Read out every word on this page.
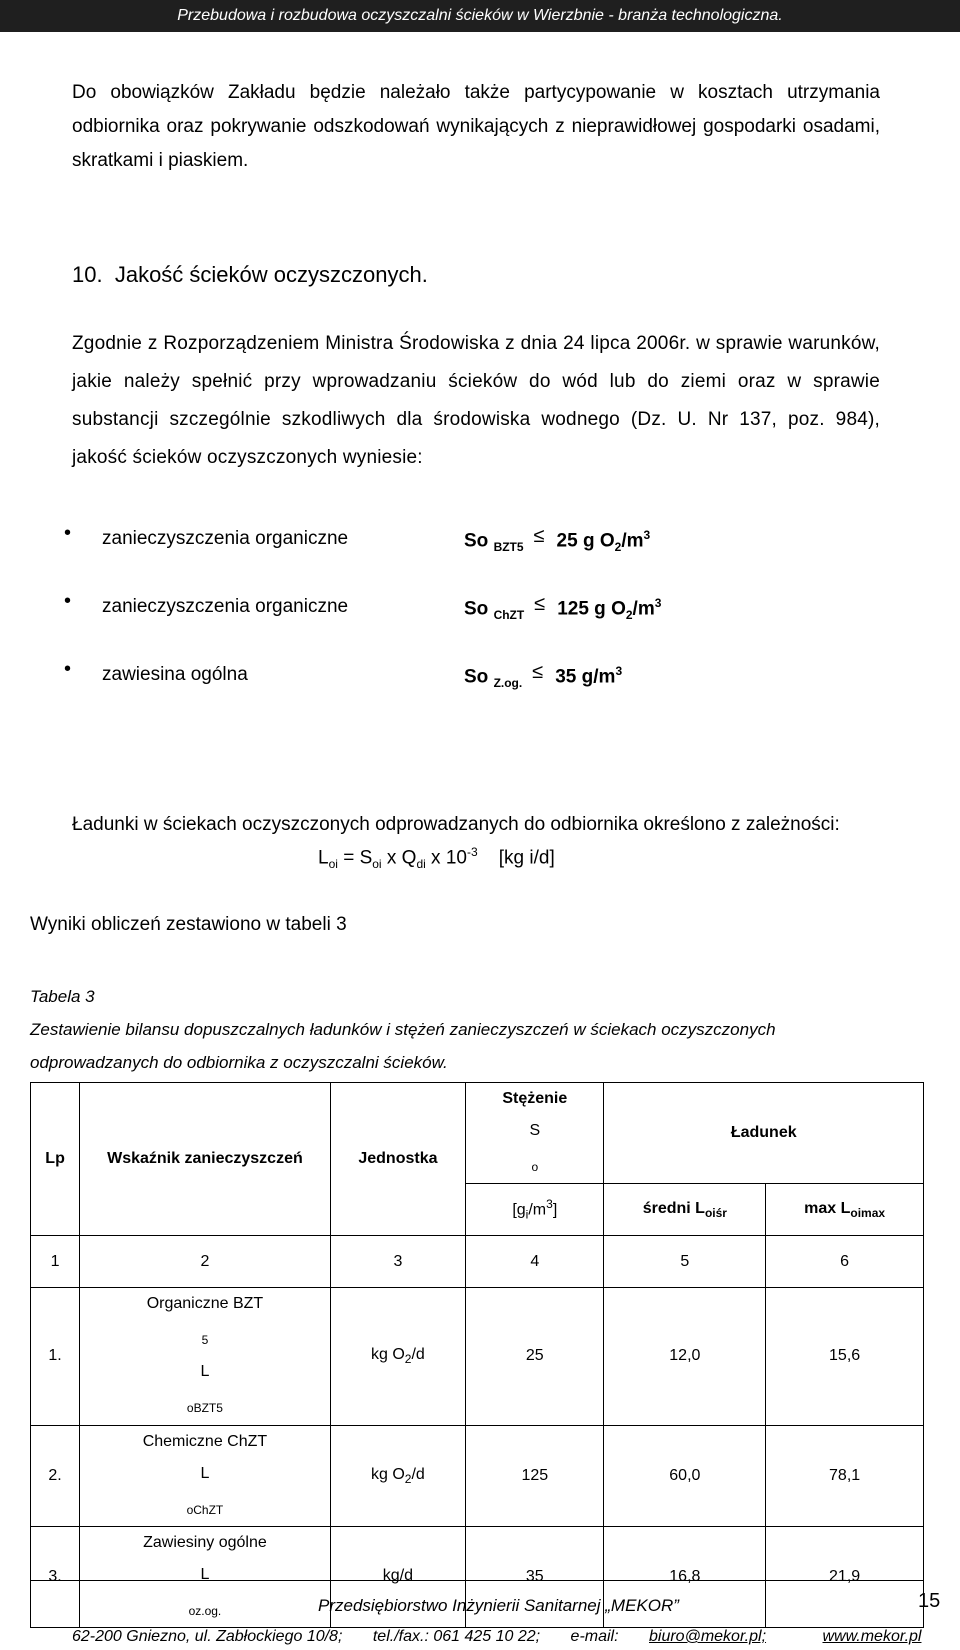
Przebudowa i rozbudowa oczyszczalni ścieków w Wierzbnie - branża technologiczna.
Do obowiązków Zakładu będzie należało także partycypowanie w kosztach utrzymania odbiornika oraz pokrywanie odszkodowań wynikających z nieprawidłowej gospodarki osadami, skratkami i piaskiem.
10. Jakość ścieków oczyszczonych.
Zgodnie z Rozporządzeniem Ministra Środowiska z dnia 24 lipca 2006r. w sprawie warunków, jakie należy spełnić przy wprowadzaniu ścieków do wód lub do ziemi oraz w sprawie substancji szczególnie szkodliwych dla środowiska wodnego (Dz. U. Nr 137, poz. 984), jakość ścieków oczyszczonych wyniesie:
• zanieczyszczenia organiczne	So $_{BZT5}$ ≤ 25 g $O_2/m^3$
• zanieczyszczenia organiczne	So $_{ChZT}$ ≤ 125 g $O_2/m^3$
• zawiesina ogólna	So $_{Z.og.}$ ≤ 35 $g/m^3$
Ładunki w ściekach oczyszczonych odprowadzanych do odbiornika określono z zależności:
$L_{oi} = S_{oi}$ x $Q_{di}$ x $10^{-3}$ [kg i/d]
Wyniki obliczeń zestawiono w tabeli 3
Tabela 3
Zestawienie bilansu dopuszczalnych ładunków i stężeń zanieczyszczeń w ściekach oczyszczonych odprowadzanych do odbiornika z oczyszczalni ścieków.
Lp	Wskaźnik zanieczyszczeń	Jednostka	Stężenie
S
$_o$	Ładunek	
			$[g_i/m^3]$	średni $L_{oiśr}$	$\max L_{oimax}$
1	2	3	4	5	6
1.	Organiczne BZT
$_5$
L
$_{oBZT5}$	kg $O_2/d$	25	12,0	15,6
2.	Chemiczne ChZT
L
$_{oChZT}$	kg $O_2/d$	125	60,0	78,1
3.	Zawiesiny ogólne
L
$_{oz.og.}$	kg/d	35	16,8	21,9
Przedsiębiorstwo Inżynierii Sanitarnej „MEKOR”	15
62-200 Gniezno, ul. Zabłockiego 10/8; tel./fax.: 061 425 10 22; e-mail: biuro@mekor.pl;	www.mekor.pl
